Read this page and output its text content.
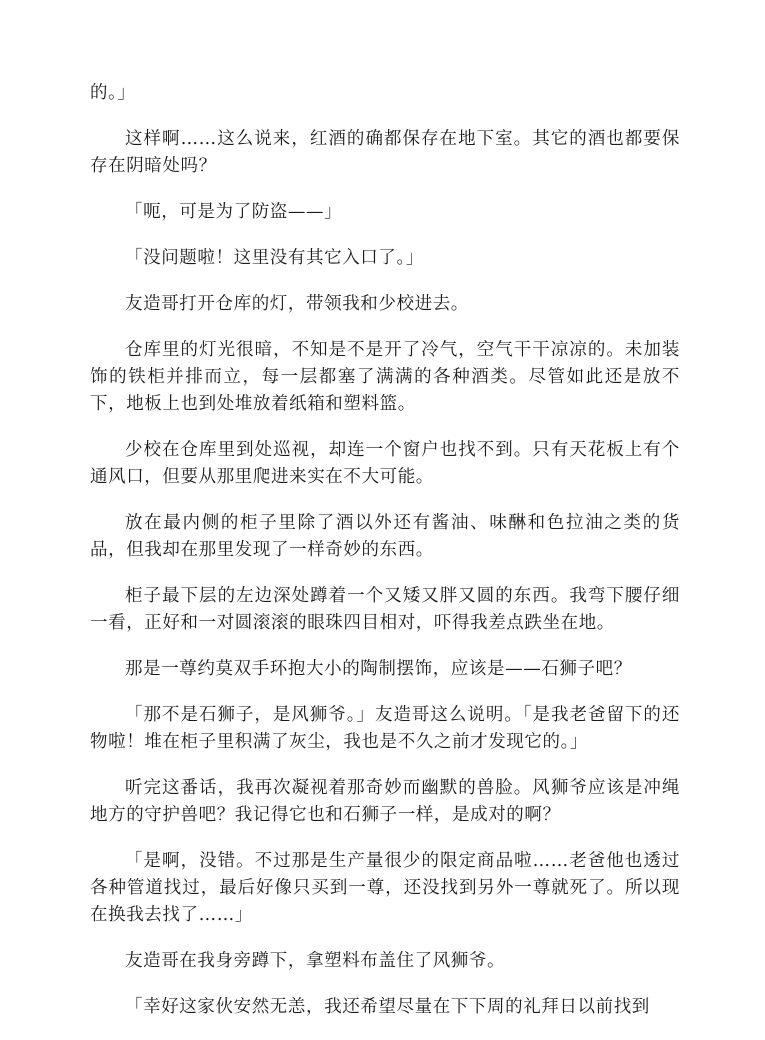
的。」

这样啊……这么说来，红酒的确都保存在地下室。其它的酒也都要保存在阴暗处吗？

「呃，可是为了防盗——」

「没问题啦！这里没有其它入口了。」

友造哥打开仓库的灯，带领我和少校进去。

仓库里的灯光很暗，不知是不是开了冷气，空气干干凉凉的。未加装饰的铁柜并排而立，每一层都塞了满满的各种酒类。尽管如此还是放不下，地板上也到处堆放着纸箱和塑料篮。

少校在仓库里到处巡视，却连一个窗户也找不到。只有天花板上有个通风口，但要从那里爬进来实在不大可能。

放在最内侧的柜子里除了酒以外还有酱油、味醂和色拉油之类的货品，但我却在那里发现了一样奇妙的东西。

柜子最下层的左边深处蹲着一个又矮又胖又圆的东西。我弯下腰仔细一看，正好和一对圆滚滚的眼珠四目相对，吓得我差点跌坐在地。

那是一尊约莫双手环抱大小的陶制摆饰，应该是——石狮子吧？

「那不是石狮子，是风狮爷。」友造哥这么说明。「是我老爸留下的还物啦！堆在柜子里积满了灰尘，我也是不久之前才发现它的。」

听完这番话，我再次凝视着那奇妙而幽默的兽脸。风狮爷应该是冲绳地方的守护兽吧？我记得它也和石狮子一样，是成对的啊？

「是啊，没错。不过那是生产量很少的限定商品啦……老爸他也透过各种管道找过，最后好像只买到一尊，还没找到另外一尊就死了。所以现在换我去找了……」

友造哥在我身旁蹲下，拿塑料布盖住了风狮爷。

「幸好这家伙安然无恙，我还希望尽量在下下周的礼拜日以前找到
